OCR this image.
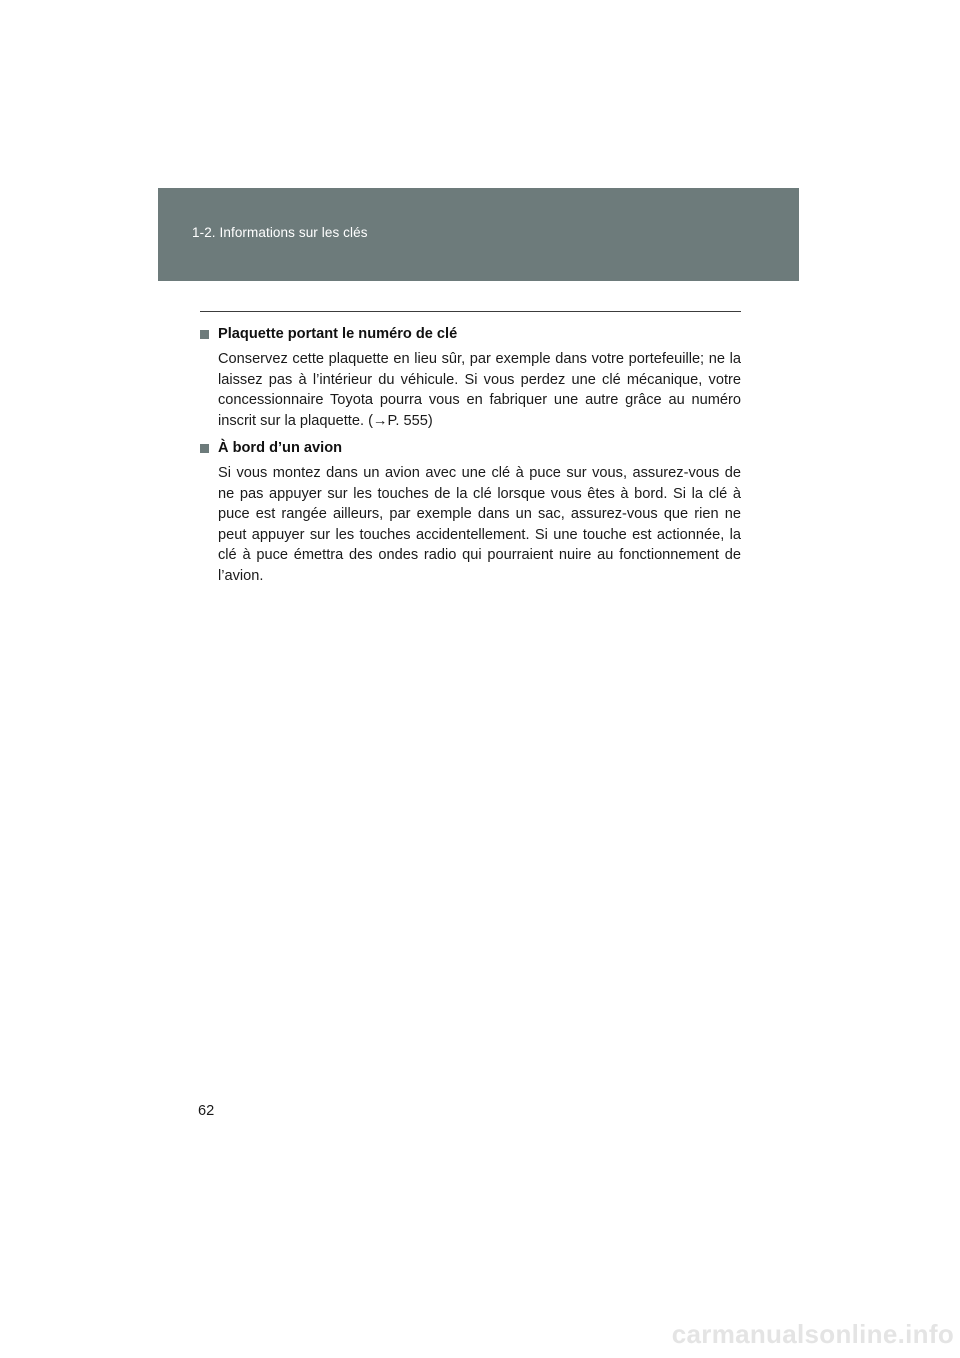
1-2. Informations sur les clés
Plaquette portant le numéro de clé
Conservez cette plaquette en lieu sûr, par exemple dans votre portefeuille; ne la laissez pas à l’intérieur du véhicule. Si vous perdez une clé mécanique, votre concessionnaire Toyota pourra vous en fabriquer une autre grâce au numéro inscrit sur la plaquette. (→P. 555)
À bord d’un avion
Si vous montez dans un avion avec une clé à puce sur vous, assurez-vous de ne pas appuyer sur les touches de la clé lorsque vous êtes à bord. Si la clé à puce est rangée ailleurs, par exemple dans un sac, assurez-vous que rien ne peut appuyer sur les touches accidentellement. Si une touche est actionnée, la clé à puce émettra des ondes radio qui pourraient nuire au fonctionnement de l’avion.
62
carmanualsonline.info
